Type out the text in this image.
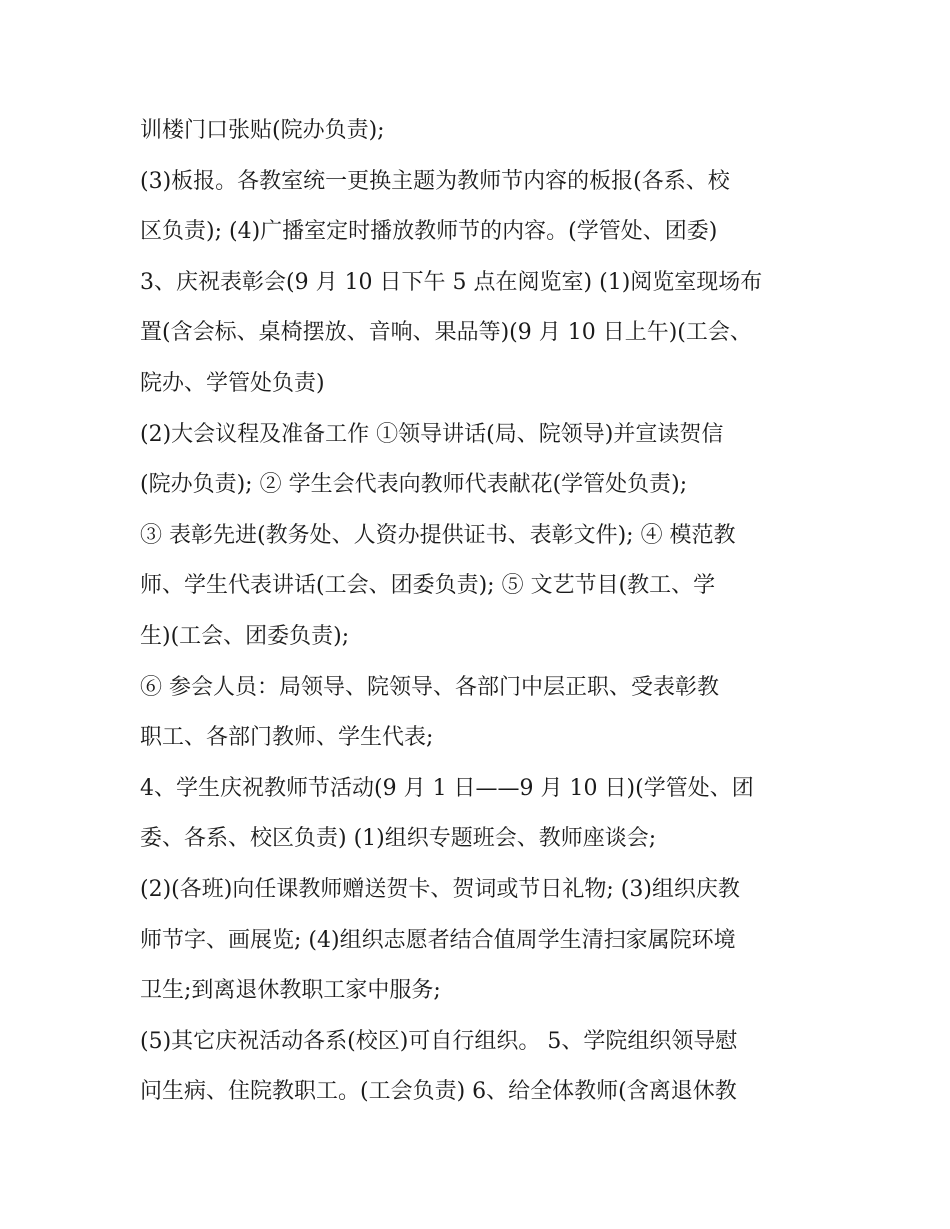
训楼门口张贴(院办负责);
(3)板报。各教室统一更换主题为教师节内容的板报(各系、校
区负责); (4)广播室定时播放教师节的内容。(学管处、团委)
3、庆祝表彰会(9 月 10 日下午 5 点在阅览室) (1)阅览室现场布
置(含会标、桌椅摆放、音响、果品等)(9 月 10 日上午)(工会、
院办、学管处负责)
(2)大会议程及准备工作 ①领导讲话(局、院领导)并宣读贺信
(院办负责); ② 学生会代表向教师代表献花(学管处负责);
③ 表彰先进(教务处、人资办提供证书、表彰文件); ④ 模范教
师、学生代表讲话(工会、团委负责); ⑤ 文艺节目(教工、学
生)(工会、团委负责);
⑥ 参会人员：局领导、院领导、各部门中层正职、受表彰教
职工、各部门教师、学生代表;
4、学生庆祝教师节活动(9 月 1 日——9 月 10 日)(学管处、团
委、各系、校区负责) (1)组织专题班会、教师座谈会;
(2)(各班)向任课教师赠送贺卡、贺词或节日礼物; (3)组织庆教
师节字、画展览; (4)组织志愿者结合值周学生清扫家属院环境
卫生;到离退休教职工家中服务;
(5)其它庆祝活动各系(校区)可自行组织。 5、学院组织领导慰
问生病、住院教职工。(工会负责) 6、给全体教师(含离退休教
